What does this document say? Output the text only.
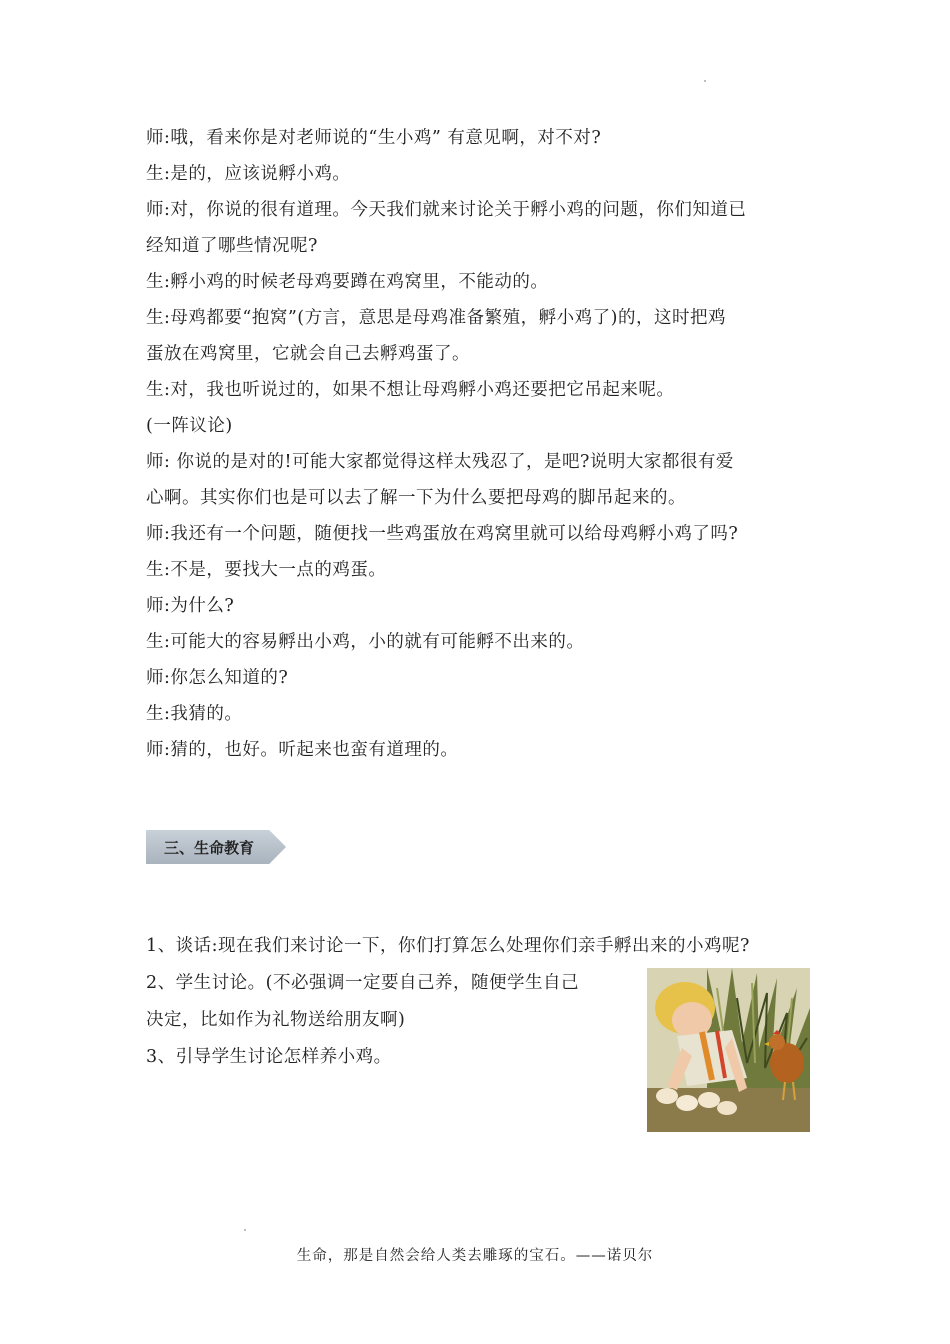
师:哦，看来你是对老师说的“生小鸡” 有意见啊，对不对?

生:是的，应该说孵小鸡。

师:对，你说的很有道理。今天我们就来讨论关于孵小鸡的问题，你们知道已

经知道了哪些情况呢?

生:孵小鸡的时候老母鸡要蹲在鸡窝里，不能动的。

生:母鸡都要“抱窝”(方言，意思是母鸡准备繁殖，孵小鸡了)的，这时把鸡

蛋放在鸡窝里，它就会自己去孵鸡蛋了。

生:对，我也听说过的，如果不想让母鸡孵小鸡还要把它吊起来呢。

(一阵议论)

师: 你说的是对的!可能大家都觉得这样太残忍了，是吧?说明大家都很有爱

心啊。其实你们也是可以去了解一下为什么要把母鸡的脚吊起来的。

师:我还有一个问题，随便找一些鸡蛋放在鸡窝里就可以给母鸡孵小鸡了吗?

生:不是，要找大一点的鸡蛋。

师:为什么?

生:可能大的容易孵出小鸡，小的就有可能孵不出来的。

师:你怎么知道的?

生:我猜的。

师:猜的，也好。听起来也蛮有道理的。

三、生命教育

1、谈话:现在我们来讨论一下，你们打算怎么处理你们亲手孵出来的小鸡呢?

2、学生讨论。(不必强调一定要自己养，随便学生自己

决定，比如作为礼物送给朋友啊)

3、引导学生讨论怎样养小鸡。

生命，那是自然会给人类去雕琢的宝石。——诺贝尔
